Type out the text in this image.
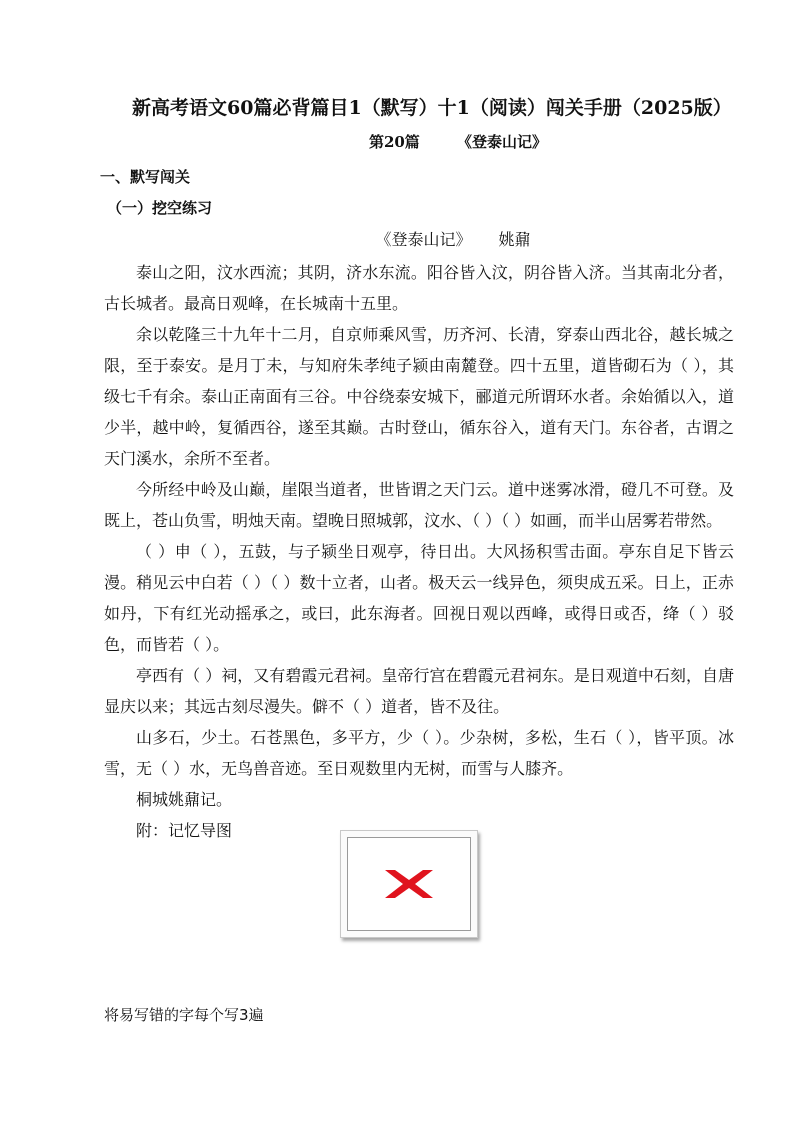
新高考语文60篇必背篇目1（默写）十1（阅读）闯关手册（2025版）
第20篇 《登泰山记》
一、默写闯关
（一）挖空练习
《登泰山记》 姚鼐

泰山之阳，汶水西流；其阴，济水东流。阳谷皆入汶，阴谷皆入济。当其南北分者，古长城者。最高日观峰，在长城南十五里。

余以乾隆三十九年十二月，自京师乘风雪，历齐河、长清，穿泰山西北谷，越长城之限，至于泰安。是月丁未，与知府朱孝纯子颍由南麓登。四十五里，道皆砌石为（ ），其级七千有余。泰山正南面有三谷。中谷绕泰安城下，郦道元所谓环水者。余始循以入，道少半，越中岭，复循西谷，遂至其巅。古时登山，循东谷入，道有天门。东谷者，古谓之天门溪水，余所不至者。

今所经中岭及山巅，崖限当道者，世皆谓之天门云。道中迷雾冰滑，磴几不可登。及既上，苍山负雪，明烛天南。望晚日照城郭，汶水、（ ）（ ）如画，而半山居雾若带然。

（ ）申（ ），五鼓，与子颍坐日观亭，待日出。大风扬积雪击面。亭东自足下皆云漫。稍见云中白若（ ）（ ）数十立者，山者。极天云一线异色，须臾成五采。日上，正赤如丹，下有红光动摇承之，或曰，此东海者。回视日观以西峰，或得日或否，绛（ ）驳色，而皆若（ ）。

亭西有（ ）祠，又有碧霞元君祠。皇帝行宫在碧霞元君祠东。是日观道中石刻，自唐显庆以来；其远古刻尽漫失。僻不（ ）道者，皆不及往。

山多石，少土。石苍黑色，多平方，少（ ）。少杂树，多松，生石（ ），皆平顶。冰雪，无（ ）水，无鸟兽音迹。至日观数里内无树，而雪与人膝齐。

桐城姚鼐记。

附：记忆导图

将易写错的字每个写3遍
